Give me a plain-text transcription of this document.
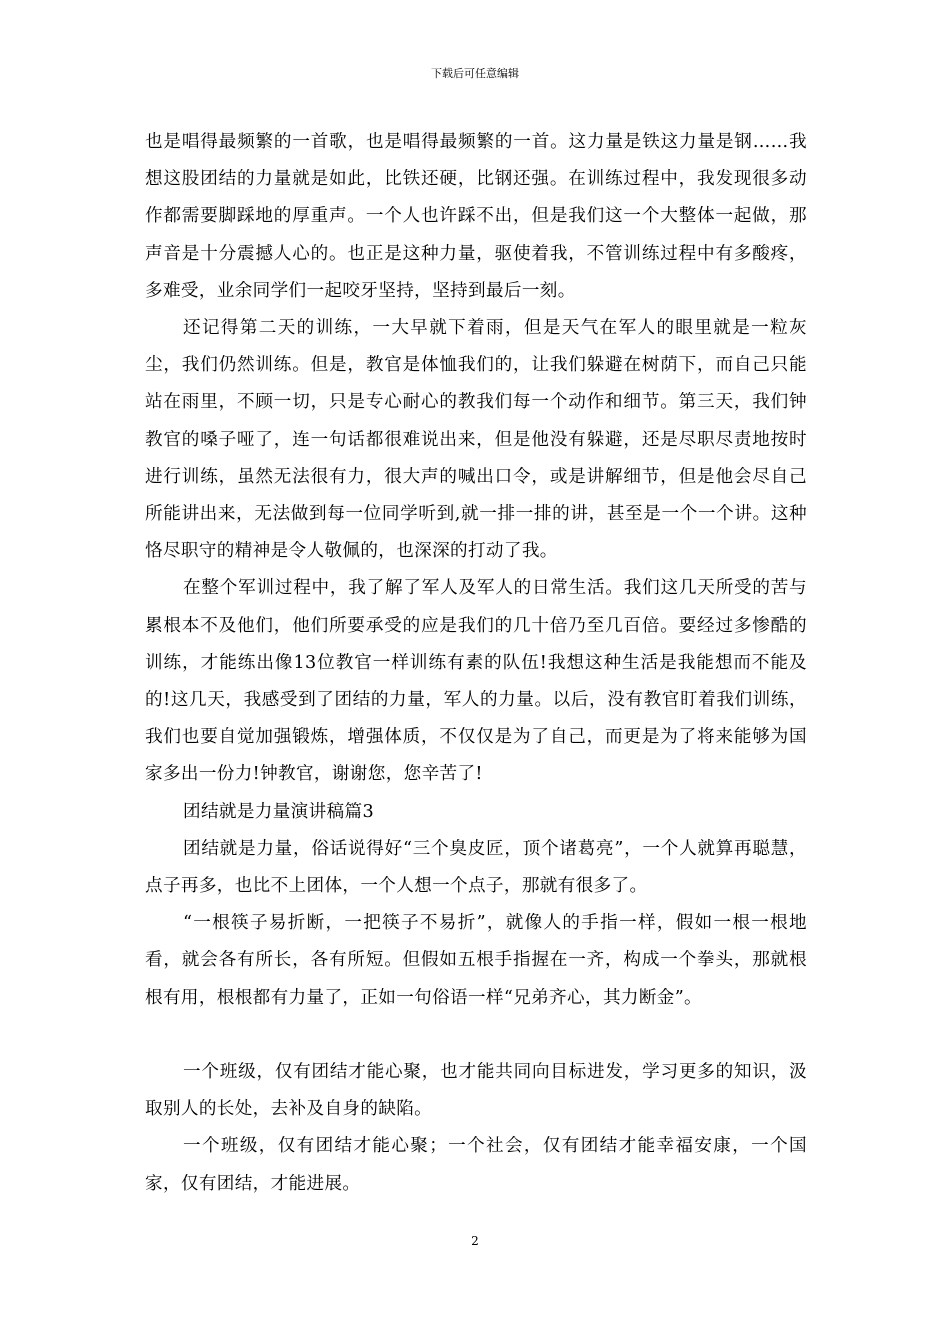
下载后可任意编辑

也是唱得最频繁的一首歌，也是唱得最频繁的一首。这力量是铁这力量是钢……我想这股团结的力量就是如此，比铁还硬，比钢还强。在训练过程中，我发现很多动作都需要脚踩地的厚重声。一个人也许踩不出，但是我们这一个大整体一起做，那声音是十分震撼人心的。也正是这种力量，驱使着我，不管训练过程中有多酸疼，多难受，业余同学们一起咬牙坚持，坚持到最后一刻。

还记得第二天的训练，一大早就下着雨，但是天气在军人的眼里就是一粒灰尘，我们仍然训练。但是，教官是体恤我们的，让我们躲避在树荫下，而自己只能站在雨里，不顾一切，只是专心耐心的教我们每一个动作和细节。第三天，我们钟教官的嗓子哑了，连一句话都很难说出来，但是他没有躲避，还是尽职尽责地按时进行训练，虽然无法很有力，很大声的喊出口令，或是讲解细节，但是他会尽自己所能讲出来，无法做到每一位同学听到,就一排一排的讲，甚至是一个一个讲。这种恪尽职守的精神是令人敬佩的，也深深的打动了我。

在整个军训过程中，我了解了军人及军人的日常生活。我们这几天所受的苦与累根本不及他们，他们所要承受的应是我们的几十倍乃至几百倍。要经过多惨酷的训练，才能练出像13位教官一样训练有素的队伍!我想这种生活是我能想而不能及的!这几天，我感受到了团结的力量，军人的力量。以后，没有教官盯着我们训练，我们也要自觉加强锻炼，增强体质，不仅仅是为了自己，而更是为了将来能够为国家多出一份力!钟教官，谢谢您，您辛苦了!

团结就是力量演讲稿篇3

团结就是力量，俗话说得好“三个臭皮匠，顶个诸葛亮”，一个人就算再聪慧，点子再多，也比不上团体，一个人想一个点子，那就有很多了。

“一根筷子易折断，一把筷子不易折”，就像人的手指一样，假如一根一根地看，就会各有所长，各有所短。但假如五根手指握在一齐，构成一个拳头，那就根根有用，根根都有力量了，正如一句俗语一样“兄弟齐心，其力断金”。

一个班级，仅有团结才能心聚，也才能共同向目标进发，学习更多的知识，汲取别人的长处，去补及自身的缺陷。

一个班级，仅有团结才能心聚；一个社会，仅有团结才能幸福安康，一个国家，仅有团结，才能进展。

2
